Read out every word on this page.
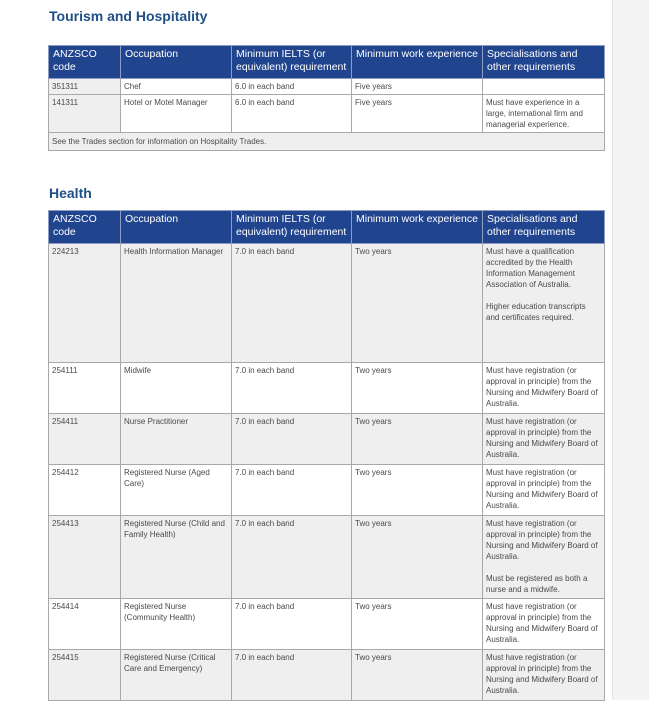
Tourism and Hospitality
ANZSCO code	Occupation	Minimum IELTS (or equivalent) requirement	Minimum work experience	Specialisations and other requirements
351311	Chef	6.0 in each band	Five years	
141311	Hotel or Motel Manager	6.0 in each band	Five years	Must have experience in a large, international firm and managerial experience.
See the Trades section for information on Hospitality Trades.				
Health
ANZSCO code	Occupation	Minimum IELTS (or equivalent) requirement	Minimum work experience	Specialisations and other requirements
224213	Health Information Manager	7.0 in each band	Two years	Must have a qualification accredited by the Health Information Management Association of Australia.
Higher education transcripts and certificates required.
254111	Midwife	7.0 in each band	Two years	Must have registration (or approval in principle) from the Nursing and Midwifery Board of Australia.
254411	Nurse Practitioner	7.0 in each band	Two years	Must have registration (or approval in principle) from the Nursing and Midwifery Board of Australia.
254412	Registered Nurse (Aged Care)	7.0 in each band	Two years	Must have registration (or approval in principle) from the Nursing and Midwifery Board of Australia.
254413	Registered Nurse (Child and Family Health)	7.0 in each band	Two years	Must have registration (or approval in principle) from the Nursing and Midwifery Board of Australia.
Must be registered as both a nurse and a midwife.
254414	Registered Nurse (Community Health)	7.0 in each band	Two years	Must have registration (or approval in principle) from the Nursing and Midwifery Board of Australia.
254415	Registered Nurse (Critical Care and Emergency)	7.0 in each band	Two years	Must have registration (or approval in principle) from the Nursing and Midwifery Board of Australia.
